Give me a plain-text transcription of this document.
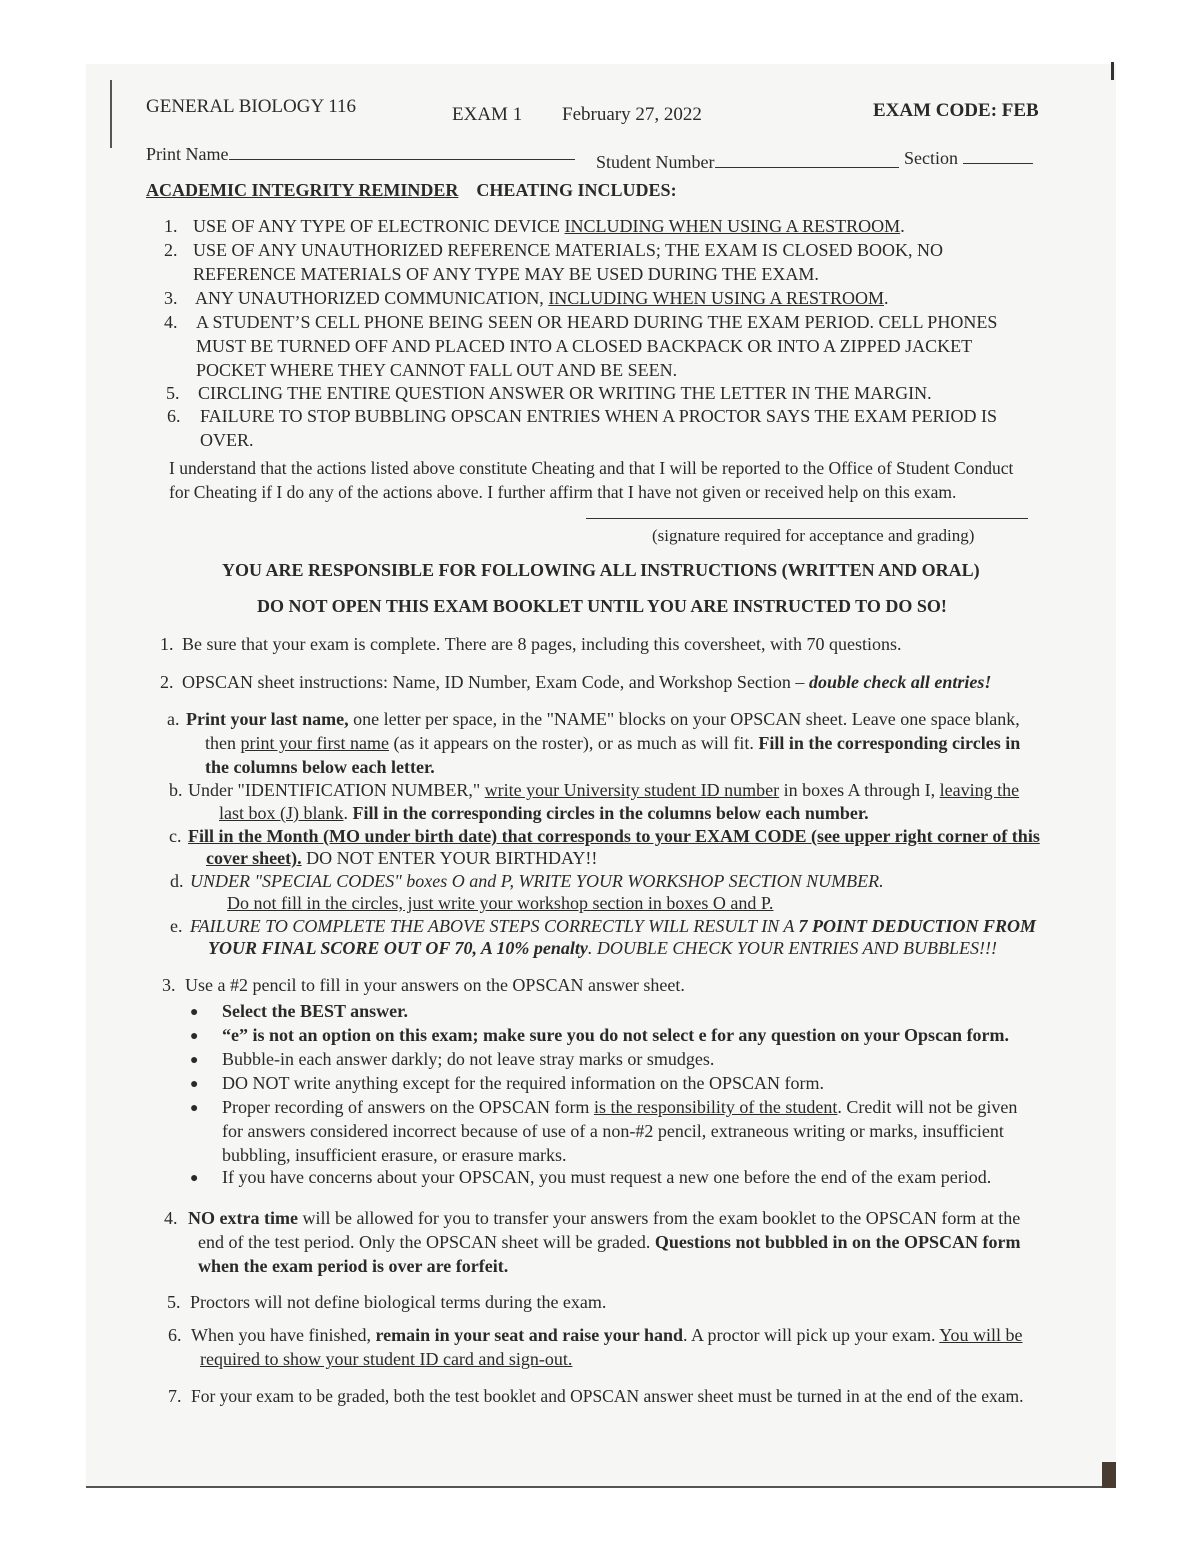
GENERAL BIOLOGY 116	EXAM 1 February 27, 2022	EXAM CODE: FEB
Print Name	Student Number	Section
ACADEMIC INTEGRITY REMINDER CHEATING INCLUDES:
1. USE OF ANY TYPE OF ELECTRONIC DEVICE INCLUDING WHEN USING A RESTROOM.
2. USE OF ANY UNAUTHORIZED REFERENCE MATERIALS; THE EXAM IS CLOSED BOOK, NO
REFERENCE MATERIALS OF ANY TYPE MAY BE USED DURING THE EXAM.
3. ANY UNAUTHORIZED COMMUNICATION, INCLUDING WHEN USING A RESTROOM.
4. A STUDENT’S CELL PHONE BEING SEEN OR HEARD DURING THE EXAM PERIOD. CELL PHONES
MUST BE TURNED OFF AND PLACED INTO A CLOSED BACKPACK OR INTO A ZIPPED JACKET
POCKET WHERE THEY CANNOT FALL OUT AND BE SEEN.
5. CIRCLING THE ENTIRE QUESTION ANSWER OR WRITING THE LETTER IN THE MARGIN.
6. FAILURE TO STOP BUBBLING OPSCAN ENTRIES WHEN A PROCTOR SAYS THE EXAM PERIOD IS
OVER.
I understand that the actions listed above constitute Cheating and that I will be reported to the Office of Student Conduct
for Cheating if I do any of the actions above. I further affirm that I have not given or received help on this exam.
(signature required for acceptance and grading)
YOU ARE RESPONSIBLE FOR FOLLOWING ALL INSTRUCTIONS (WRITTEN AND ORAL)
DO NOT OPEN THIS EXAM BOOKLET UNTIL YOU ARE INSTRUCTED TO DO SO!
1. Be sure that your exam is complete. There are 8 pages, including this coversheet, with 70 questions.
2. OPSCAN sheet instructions: Name, ID Number, Exam Code, and Workshop Section – double check all entries!
a. Print your last name, one letter per space, in the "NAME" blocks on your OPSCAN sheet. Leave one space blank,
then print your first name (as it appears on the roster), or as much as will fit. Fill in the corresponding circles in
the columns below each letter.
b. Under "IDENTIFICATION NUMBER," write your University student ID number in boxes A through I, leaving the
last box (J) blank. Fill in the corresponding circles in the columns below each number.
c. Fill in the Month (MO under birth date) that corresponds to your EXAM CODE (see upper right corner of this
cover sheet). DO NOT ENTER YOUR BIRTHDAY!!
d. UNDER "SPECIAL CODES" boxes O and P, WRITE YOUR WORKSHOP SECTION NUMBER.
Do not fill in the circles, just write your workshop section in boxes O and P.
e. FAILURE TO COMPLETE THE ABOVE STEPS CORRECTLY WILL RESULT IN A 7 POINT DEDUCTION FROM
YOUR FINAL SCORE OUT OF 70, A 10% penalty. DOUBLE CHECK YOUR ENTRIES AND BUBBLES!!!
3. Use a #2 pencil to fill in your answers on the OPSCAN answer sheet.
● Select the BEST answer.
● “e” is not an option on this exam; make sure you do not select e for any question on your Opscan form.
● Bubble-in each answer darkly; do not leave stray marks or smudges.
● DO NOT write anything except for the required information on the OPSCAN form.
● Proper recording of answers on the OPSCAN form is the responsibility of the student. Credit will not be given
for answers considered incorrect because of use of a non-#2 pencil, extraneous writing or marks, insufficient
bubbling, insufficient erasure, or erasure marks.
● If you have concerns about your OPSCAN, you must request a new one before the end of the exam period.
4. NO extra time will be allowed for you to transfer your answers from the exam booklet to the OPSCAN form at the
end of the test period. Only the OPSCAN sheet will be graded. Questions not bubbled in on the OPSCAN form
when the exam period is over are forfeit.
5. Proctors will not define biological terms during the exam.
6. When you have finished, remain in your seat and raise your hand. A proctor will pick up your exam. You will be
required to show your student ID card and sign-out.
7. For your exam to be graded, both the test booklet and OPSCAN answer sheet must be turned in at the end of the exam.
